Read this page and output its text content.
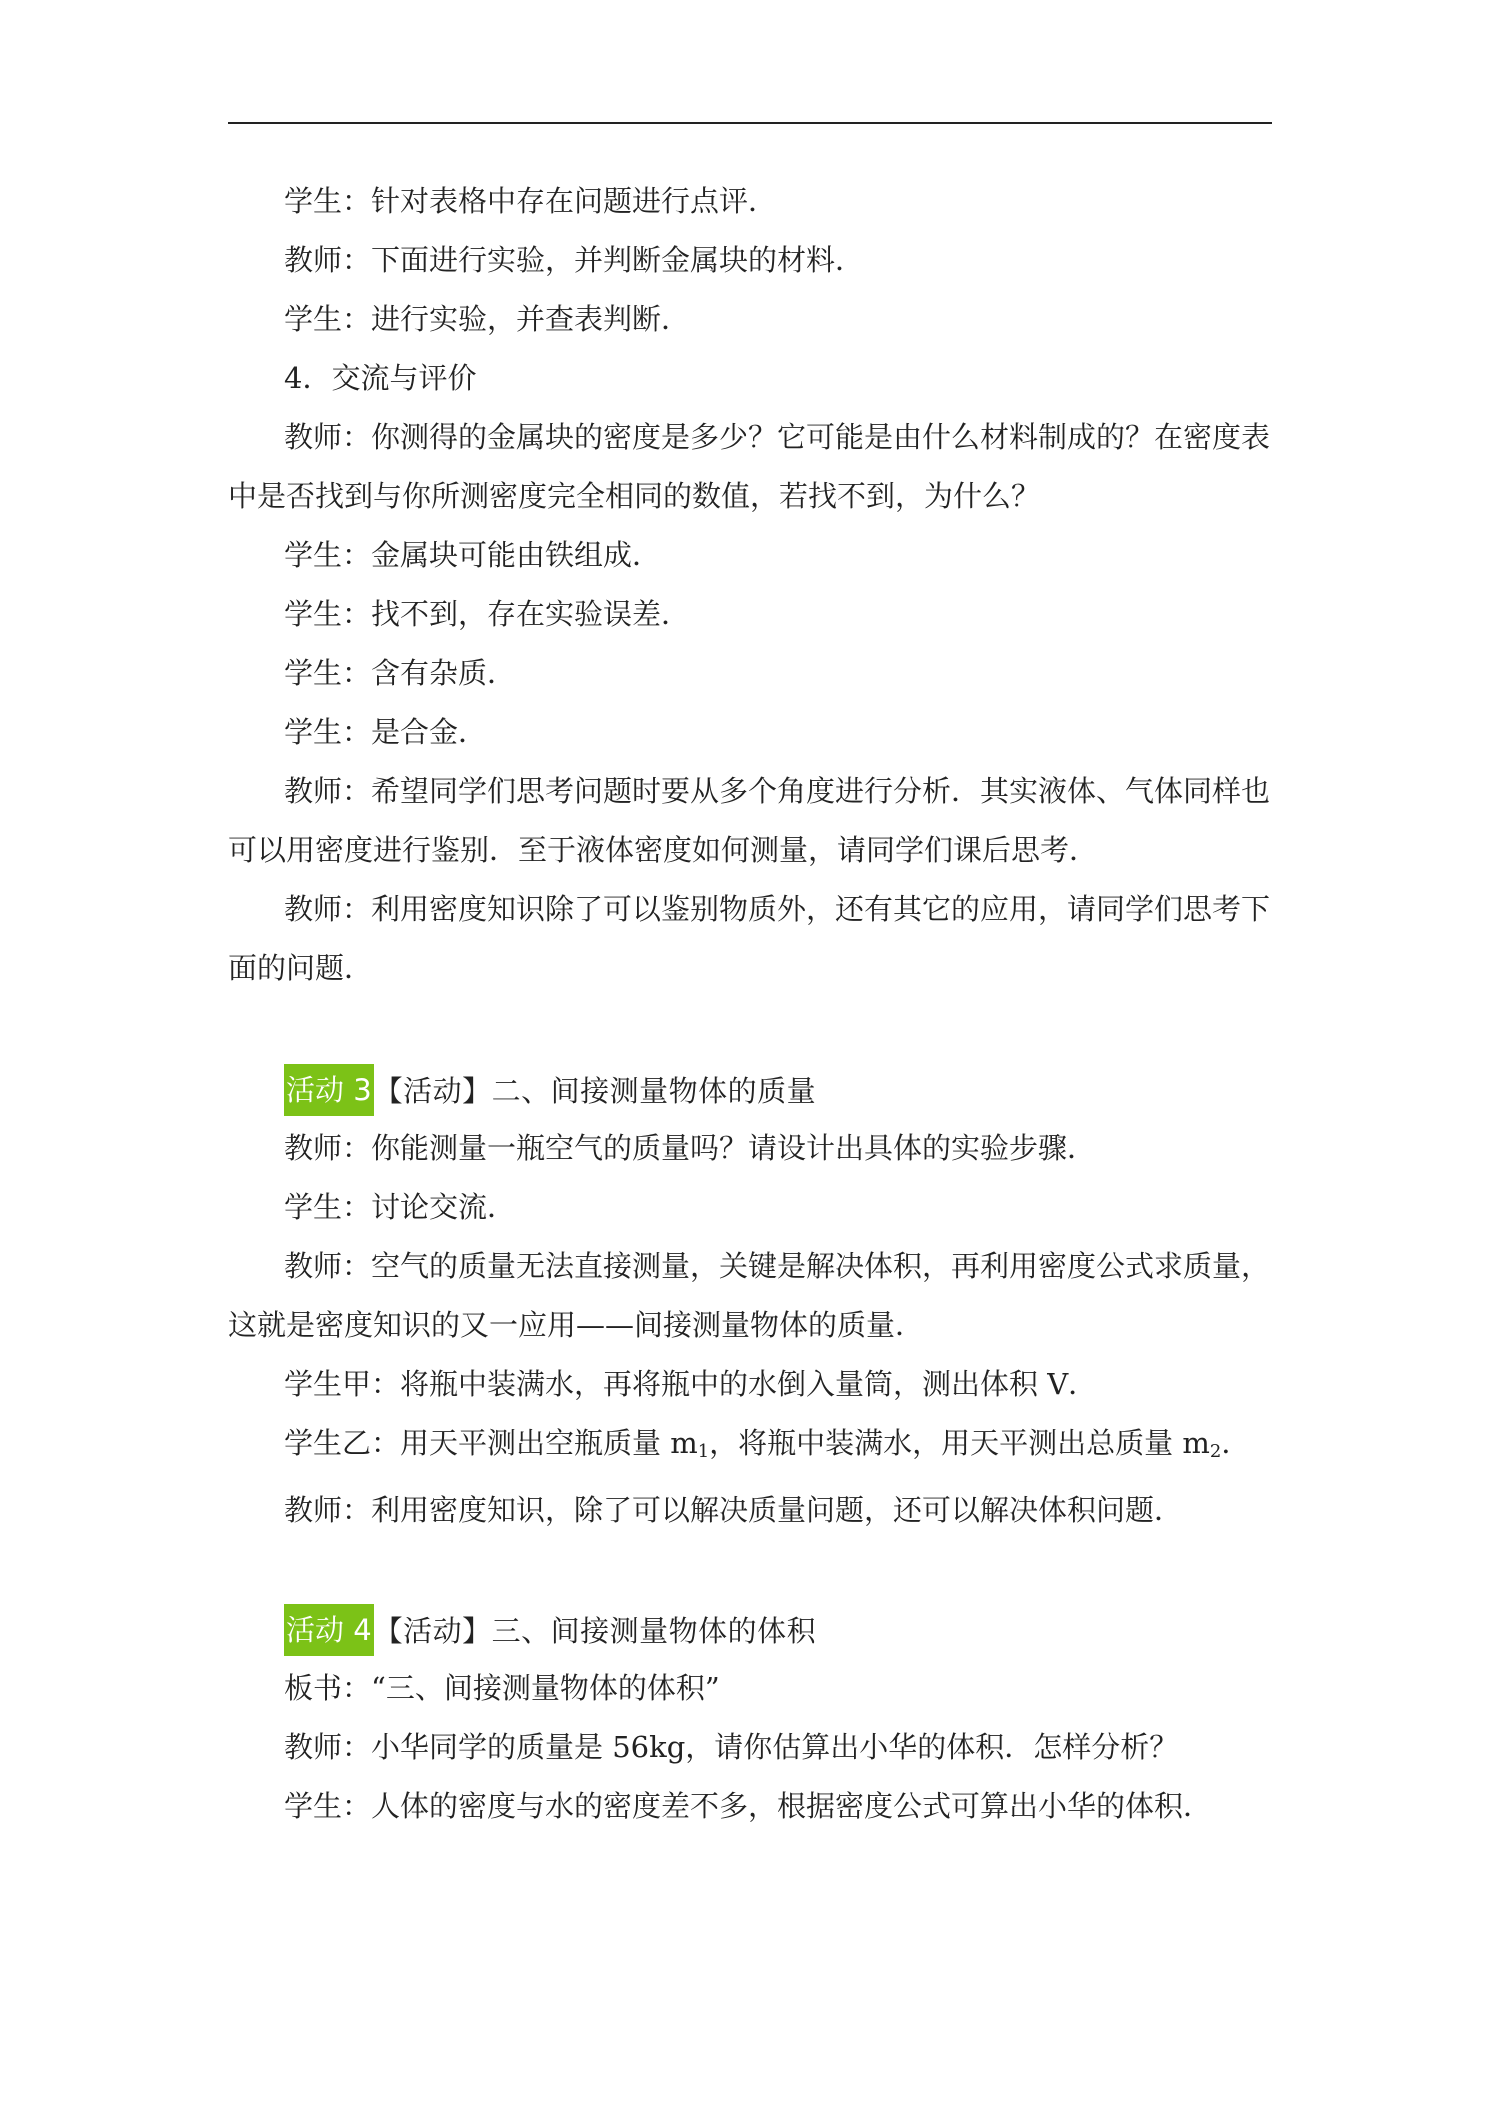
学生：针对表格中存在问题进行点评．

教师：下面进行实验，并判断金属块的材料．

学生：进行实验，并查表判断．

4．交流与评价

教师：你测得的金属块的密度是多少？它可能是由什么材料制成的？在密度表中是否找到与你所测密度完全相同的数值，若找不到，为什么？

学生：金属块可能由铁组成．

学生：找不到，存在实验误差．

学生：含有杂质．

学生：是合金．

教师：希望同学们思考问题时要从多个角度进行分析．其实液体、气体同样也可以用密度进行鉴别．至于液体密度如何测量，请同学们课后思考．

教师：利用密度知识除了可以鉴别物质外，还有其它的应用，请同学们思考下面的问题．

活动 3 【活动】二、间接测量物体的质量

教师：你能测量一瓶空气的质量吗？请设计出具体的实验步骤．

学生：讨论交流．

教师：空气的质量无法直接测量，关键是解决体积，再利用密度公式求质量，这就是密度知识的又一应用——间接测量物体的质量．

学生甲：将瓶中装满水，再将瓶中的水倒入量筒，测出体积 V．

学生乙：用天平测出空瓶质量 $m_1$，将瓶中装满水，用天平测出总质量 $m_2$．

教师：利用密度知识，除了可以解决质量问题，还可以解决体积问题．

活动 4 【活动】三、间接测量物体的体积

板书：“三、间接测量物体的体积”

教师：小华同学的质量是 56kg，请你估算出小华的体积．怎样分析？

学生：人体的密度与水的密度差不多，根据密度公式可算出小华的体积．
